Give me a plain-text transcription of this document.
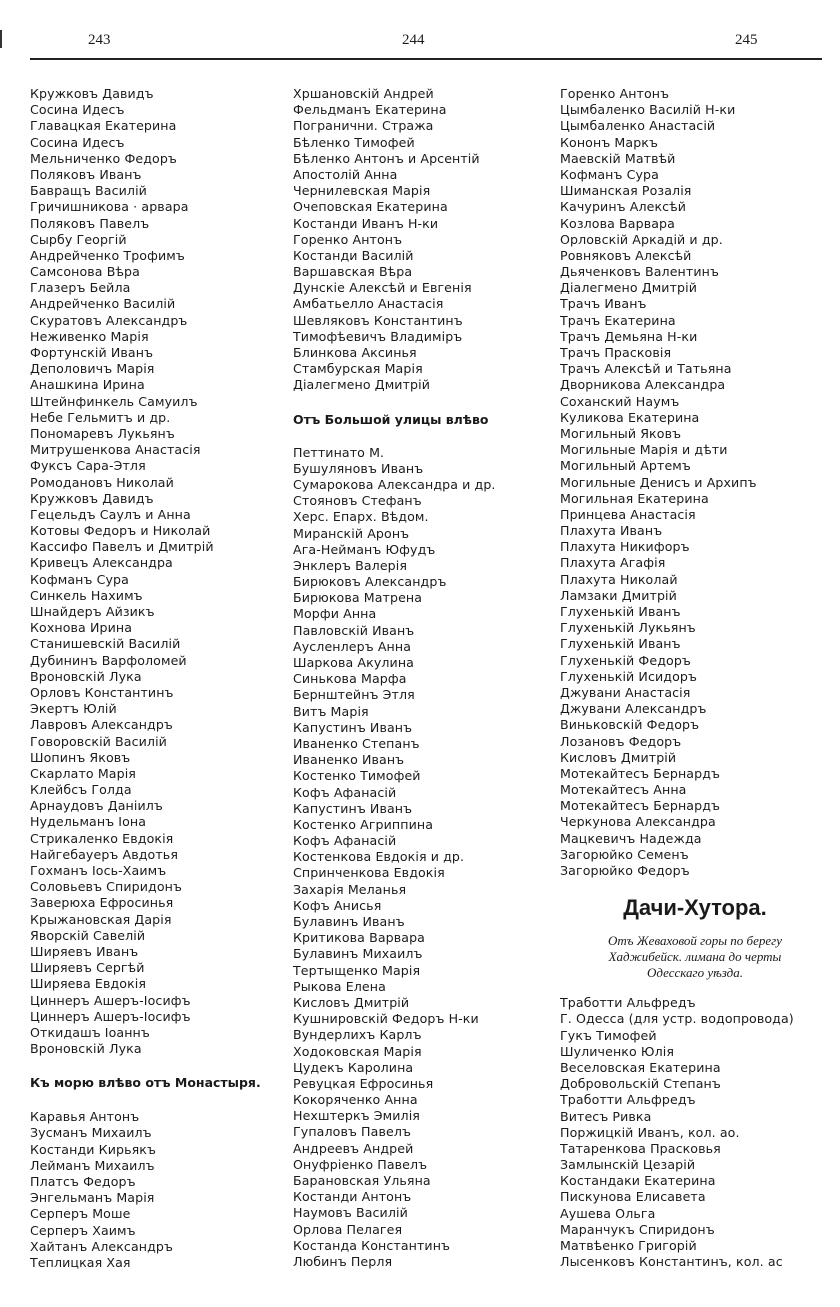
243	244	245
Кружковъ Давидъ
Сосина Идесъ
Главацкая Екатерина
Сосина Идесъ
Мельниченко Федоръ
Поляковъ Иванъ
Бавращъ Василій
Гричишникова · арвара
Поляковъ Павелъ
Сырбу Георгій
Андрейченко Трофимъ
Самсонова Вѣра
Глазеръ Бейла
Андрейченко Василій
Скуратовъ Александръ
Неживенко Марія
Фортунскій Иванъ
Деполовичъ Марія
Анашкина Ирина
Штейнфинкель Самуилъ
Небе Гельмитъ и др.
Пономаревъ Лукьянъ
Митрушенкова Анастасія
Фуксъ Сара-Этля
Ромодановъ Николай
Кружковъ Давидъ
Гецельдъ Саулъ и Анна
Котовы Федоръ и Николай
Кассифо Павелъ и Дмитрій
Кривецъ Александра
Кофманъ Сура
Синкель Нахимъ
Шнайдеръ Айзикъ
Кохнова Ирина
Станишевскій Василій
Дубининъ Варфоломей
Вроновскій Лука
Орловъ Константинъ
Экертъ Юлій
Лавровъ Александръ
Говоровскій Василій
Шопинъ Яковъ
Скарлато Марія
Клейбсъ Голда
Арнаудовъ Даніилъ
Нудельманъ Іона
Стрикаленко Евдокія
Найгебауеръ Авдотья
Гохманъ Іось-Хаимъ
Соловьевъ Спиридонъ
Заверюха Ефросинья
Крыжановская Дарія
Яворскій Савелій
Ширяевъ Иванъ
Ширяевъ Сергѣй
Ширяева Евдокія
Циннеръ Ашеръ-Іосифъ
Циннеръ Ашеръ-Іосифъ
Откидашъ Іоаннъ
Вроновскій Лука

Къ морю влѣво отъ Монастыря.

Каравья Антонъ
Зусманъ Михаилъ
Костанди Кирьякъ
Лейманъ Михаилъ
Платсъ Федоръ
Энгельманъ Марія
Серперъ Моше
Серперъ Хаимъ
Хайтанъ Александръ
Теплицкая Хая
Хршановскій Андрей
Фельдманъ Екатерина
Погранични. Стража
Бѣленко Тимофей
Бѣленко Антонъ и Арсентій
Апостолій Анна
Чернилевская Марія
Очеповская Екатерина
Костанди Иванъ Н-ки
Горенко Антонъ
Костанди Василій
Варшавская Вѣра
Дунскіе Алексѣй и Евгенія
Амбатьелло Анастасія
Шевляковъ Константинъ
Тимофѣевичъ Владиміръ
Блинкова Аксинья
Стамбурская Марія
Діалегмено Дмитрій

Отъ Большой улицы влѣво

Петтинато М.
Бушуляновъ Иванъ
Сумарокова Александра и др.
Стояновъ Стефанъ
Херс. Епарх. Вѣдом.
Миранскій Аронъ
Ага-Нейманъ Юфудъ
Энклеръ Валерія
Бирюковъ Александръ
Бирюкова Матрена
Морфи Анна
Павловскій Иванъ
Аусленлеръ Анна
Шаркова Акулина
Синькова Марфа
Бернштейнъ Этля
Витъ Марія
Капустинъ Иванъ
Иваненко Степанъ
Иваненко Иванъ
Костенко Тимофей
Кофъ Афанасій
Капустинъ Иванъ
Костенко Агриппина
Кофъ Афанасій
Костенкова Евдокія и др.
Спринченкова Евдокія
Захарія Меланья
Кофъ Анисья
Булавинъ Иванъ
Критикова Варвара
Булавинъ Михаилъ
Тертыщенко Марія
Рыкова Елена
Кисловъ Дмитрій
Кушнировскій Федоръ Н-ки
Вундерлихъ Карлъ
Ходоковская Марія
Цудекъ Каролина
Ревуцкая Ефросинья
Кокоряченко Анна
Нехштеркъ Эмилія
Гупаловъ Павелъ
Андреевъ Андрей
Онуфріенко Павелъ
Барановская Ульяна
Костанди Антонъ
Наумовъ Василій
Орлова Пелагея
Костанда Константинъ
Любинъ Перля
Горенко Антонъ
Цымбаленко Василій Н-ки
Цымбаленко Анастасій
Кононъ Маркъ
Маевскій Матвѣй
Кофманъ Сура
Шиманская Розалія
Качуринъ Алексѣй
Козлова Варвара
Орловскій Аркадій и др.
Ровняковъ Алексѣй
Дьяченковъ Валентинъ
Діалегмено Дмитрій
Трачъ Иванъ
Трачъ Екатерина
Трачъ Демьяна Н-ки
Трачъ Прасковія
Трачъ Алексѣй и Татьяна
Дворникова Александра
Сохански‍й Наумъ
Куликова Екатерина
Могильный Яковъ
Могильные Марія и дѣти
Могильный Артемъ
Могильные Денисъ и Архипъ
Могильная Екатерина
Принцева Анастасія
Плахута Иванъ
Плахута Никифоръ
Плахута Агафія
Плахута Николай
Ламзаки Дмитрій
Глухенькій Иванъ
Глухенькій Лукьянъ
Глухенькій Иванъ
Глухенькій Федоръ
Глухенькій Исидоръ
Джувани Анастасія
Джувани Александръ
Виньковскій Федоръ
Лозановъ Федоръ
Кисловъ Дмитрій
Мотекайтесъ Бернардъ
Мотекайтесъ Анна
Мотекайтесъ Бернардъ
Черкунова Александра
Мацкевичъ Надежда
Загорюйко Семенъ
Загорюйко Федоръ

Дачи-Хутора.

Отъ Жеваховой горы по берегу
Хаджибейск. лимана до черты
Одесскаго уѣзда.

Тработти Альфредъ
Г. Одесса (для устр. водопровода)
Гукъ Тимофей
Шуличенко Юлія
Веселовская Екатерина
Добровольскій Степанъ
Тработти Альфредъ
Витесъ Ривка
Поржицкій Иванъ, кол. ао.
Татаренкова Прасковья
Замлынскій Цезарій
Костандаки Екатерина
Пискунова Елисавета
Аушева Ольга
Маранчукъ Спиридонъ
Матвѣенко Григорій
Лысенковъ Константинъ, кол. ас
